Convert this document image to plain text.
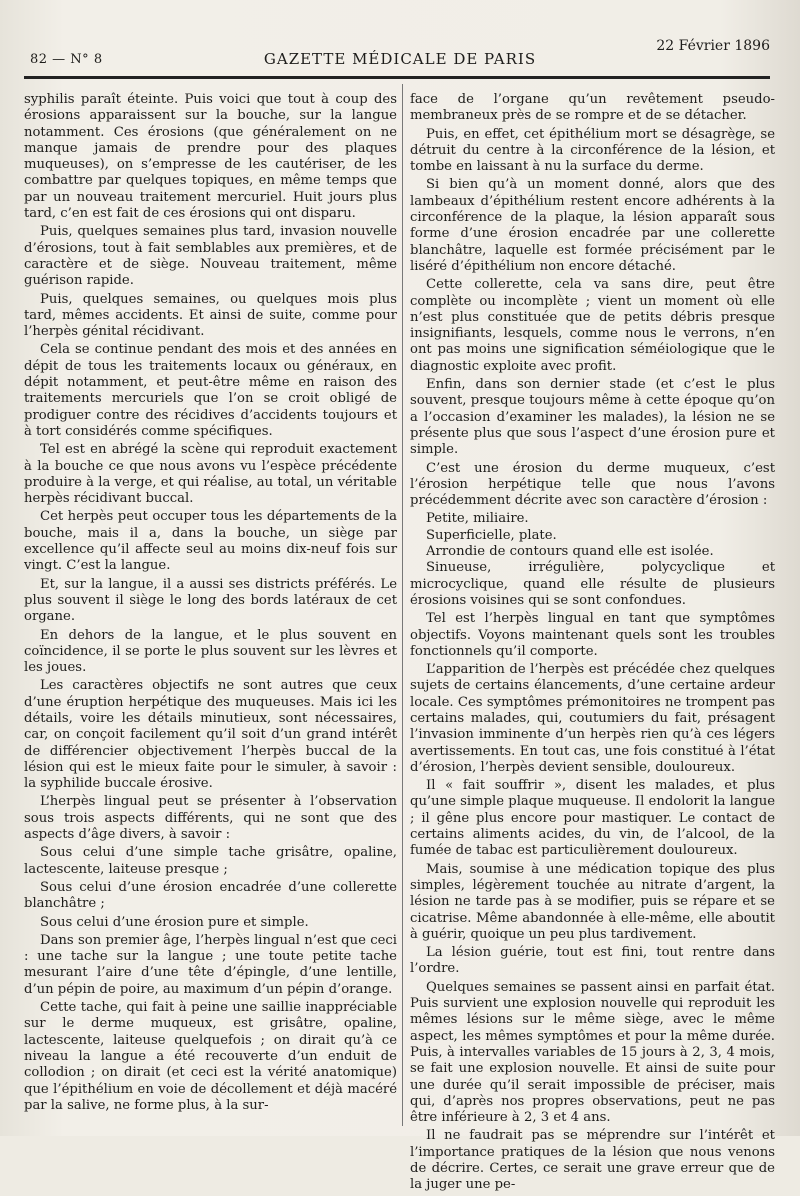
82 — N° 8	GAZETTE MÉDICALE DE PARIS
22 Février 1896

syphilis paraît éteinte. Puis voici que tout à coup des érosions apparaissent sur la bouche, sur la langue notamment. Ces érosions (que généralement on ne manque jamais de prendre pour des plaques muqueuses), on s’empresse de les cautériser, de les combattre par quelques topiques, en même temps que par un nouveau traitement mercuriel. Huit jours plus tard, c’en est fait de ces érosions qui ont disparu.

Puis, quelques semaines plus tard, invasion nouvelle d’érosions, tout à fait semblables aux premières, et de caractère et de siège. Nouveau traitement, même guérison rapide.

Puis, quelques semaines, ou quelques mois plus tard, mêmes accidents. Et ainsi de suite, comme pour l’herpès génital récidivant.

Cela se continue pendant des mois et des années en dépit de tous les traitements locaux ou généraux, en dépit notamment, et peut-être même en raison des traitements mercuriels que l’on se croit obligé de prodiguer contre des récidives d’accidents toujours et à tort considérés comme spécifiques.

Tel est en abrégé la scène qui reproduit exactement à la bouche ce que nous avons vu l’espèce précédente produire à la verge, et qui réalise, au total, un véritable herpès récidivant buccal.

Cet herpès peut occuper tous les départements de la bouche, mais il a, dans la bouche, un siège par excellence qu’il affecte seul au moins dix-neuf fois sur vingt. C’est la langue.

Et, sur la langue, il a aussi ses districts préférés. Le plus souvent il siège le long des bords latéraux de cet organe.

En dehors de la langue, et le plus souvent en coïncidence, il se porte le plus souvent sur les lèvres et les joues.

Les caractères objectifs ne sont autres que ceux d’une éruption herpétique des muqueuses. Mais ici les détails, voire les détails minutieux, sont nécessaires, car, on conçoit facilement qu’il soit d’un grand intérêt de différencier objectivement l’herpès buccal de la lésion qui est le mieux faite pour le simuler, à savoir : la syphilide buccale érosive.

L’herpès lingual peut se présenter à l’observation sous trois aspects différents, qui ne sont que des aspects d’âge divers, à savoir :

Sous celui d’une simple tache grisâtre, opaline, lactescente, laiteuse presque ;

Sous celui d’une érosion encadrée d’une collerette blanchâtre ;

Sous celui d’une érosion pure et simple.

Dans son premier âge, l’herpès lingual n’est que ceci : une tache sur la langue ; une toute petite tache mesurant l’aire d’une tête d’épingle, d’une lentille, d’un pépin de poire, au maximum d’un pépin d’orange.

Cette tache, qui fait à peine une saillie inappréciable sur le derme muqueux, est grisâtre, opaline, lactescente, laiteuse quelquefois ; on dirait qu’à ce niveau la langue a été recouverte d’un enduit de collodion ; on dirait (et ceci est la vérité anatomique) que l’épithélium en voie de décollement et déjà macéré par la salive, ne forme plus, à la sur-

face de l’organe qu’un revêtement pseudo-membraneux près de se rompre et de se détacher.

Puis, en effet, cet épithélium mort se désagrège, se détruit du centre à la circonférence de la lésion, et tombe en laissant à nu la surface du derme.

Si bien qu’à un moment donné, alors que des lambeaux d’épithélium restent encore adhérents à la circonférence de la plaque, la lésion apparaît sous forme d’une érosion encadrée par une collerette blanchâtre, laquelle est formée précisément par le liséré d’épithélium non encore détaché.

Cette collerette, cela va sans dire, peut être complète ou incomplète ; vient un moment où elle n’est plus constituée que de petits débris presque insignifiants, lesquels, comme nous le verrons, n’en ont pas moins une signification séméiologique que le diagnostic exploite avec profit.

Enfin, dans son dernier stade (et c’est le plus souvent, presque toujours même à cette époque qu’on a l’occasion d’examiner les malades), la lésion ne se présente plus que sous l’aspect d’une érosion pure et simple.

C’est une érosion du derme muqueux, c’est l’érosion herpétique telle que nous l’avons précédemment décrite avec son caractère d’érosion :

Petite, miliaire.

Superficielle, plate.

Arrondie de contours quand elle est isolée.

Sinueuse, irrégulière, polycyclique et microcyclique, quand elle résulte de plusieurs érosions voisines qui se sont confondues.

Tel est l’herpès lingual en tant que symptômes objectifs. Voyons maintenant quels sont les troubles fonctionnels qu’il comporte.

L’apparition de l’herpès est précédée chez quelques sujets de certains élancements, d’une certaine ardeur locale. Ces symptômes prémonitoires ne trompent pas certains malades, qui, coutumiers du fait, présagent l’invasion imminente d’un herpès rien qu’à ces légers avertissements. En tout cas, une fois constitué à l’état d’érosion, l’herpès devient sensible, douloureux.

Il « fait souffrir », disent les malades, et plus qu’une simple plaque muqueuse. Il endolorit la langue ; il gêne plus encore pour mastiquer. Le contact de certains aliments acides, du vin, de l’alcool, de la fumée de tabac est particulièrement douloureux.

Mais, soumise à une médication topique des plus simples, légèrement touchée au nitrate d’argent, la lésion ne tarde pas à se modifier, puis se répare et se cicatrise. Même abandonnée à elle-même, elle aboutit à guérir, quoique un peu plus tardivement.

La lésion guérie, tout est fini, tout rentre dans l’ordre.

Quelques semaines se passent ainsi en parfait état. Puis survient une explosion nouvelle qui reproduit les mêmes lésions sur le même siège, avec le même aspect, les mêmes symptômes et pour la même durée. Puis, à intervalles variables de 15 jours à 2, 3, 4 mois, se fait une explosion nouvelle. Et ainsi de suite pour une durée qu’il serait impossible de préciser, mais qui, d’après nos propres observations, peut ne pas être inférieure à 2, 3 et 4 ans.

Il ne faudrait pas se méprendre sur l’intérêt et l’importance pratiques de la lésion que nous venons de décrire. Certes, ce serait une grave erreur que de la juger une pe-
